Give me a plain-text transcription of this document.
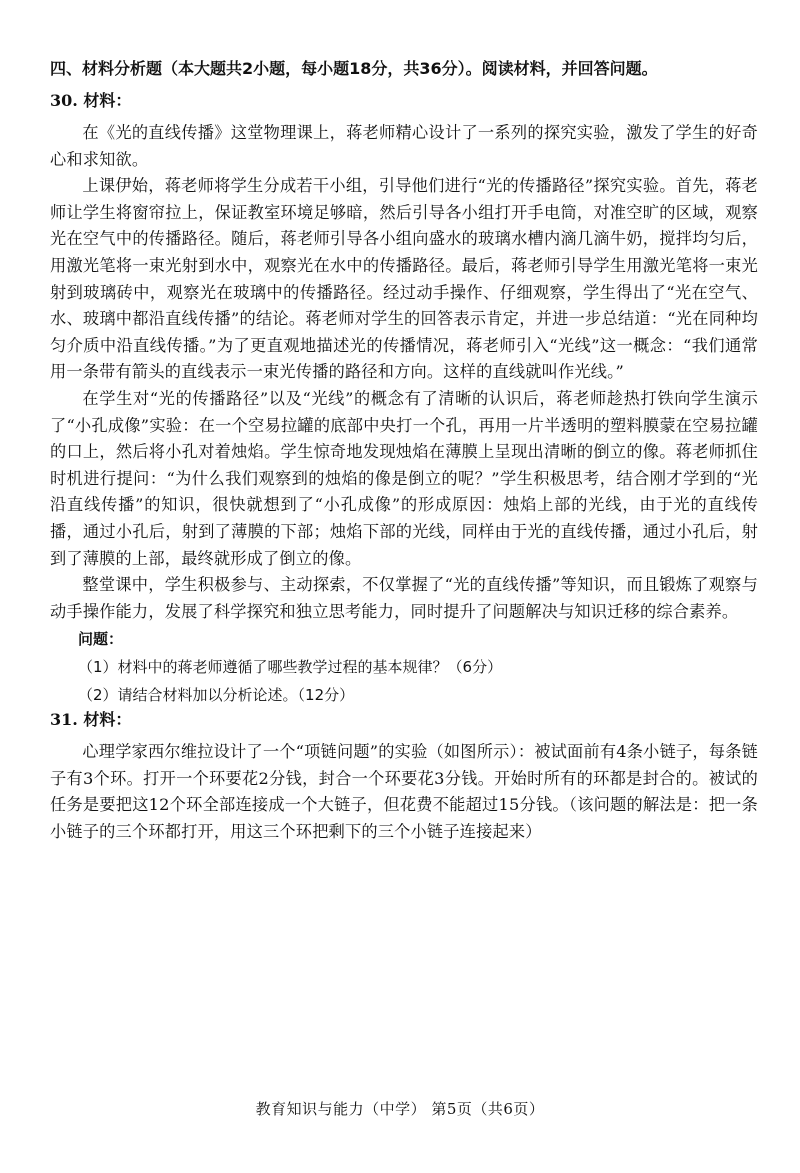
四、材料分析题（本大题共2小题，每小题18分，共36分）。阅读材料，并回答问题。
30. 材料：

在《光的直线传播》这堂物理课上，蒋老师精心设计了一系列的探究实验，激发了学生的好奇心和求知欲。

上课伊始，蒋老师将学生分成若干小组，引导他们进行“光的传播路径”探究实验。首先，蒋老师让学生将窗帘拉上，保证教室环境足够暗，然后引导各小组打开手电筒，对准空旷的区域，观察光在空气中的传播路径。随后，蒋老师引导各小组向盛水的玻璃水槽内滴几滴牛奶，搅拌均匀后，用激光笔将一束光射到水中，观察光在水中的传播路径。最后，蒋老师引导学生用激光笔将一束光射到玻璃砖中，观察光在玻璃中的传播路径。经过动手操作、仔细观察，学生得出了“光在空气、水、玻璃中都沿直线传播”的结论。蒋老师对学生的回答表示肯定，并进一步总结道：“光在同种均匀介质中沿直线传播。”为了更直观地描述光的传播情况，蒋老师引入“光线”这一概念：“我们通常用一条带有箭头的直线表示一束光传播的路径和方向。这样的直线就叫作光线。”

在学生对“光的传播路径”以及“光线”的概念有了清晰的认识后，蒋老师趁热打铁向学生演示了“小孔成像”实验：在一个空易拉罐的底部中央打一个孔，再用一片半透明的塑料膜蒙在空易拉罐的口上，然后将小孔对着烛焰。学生惊奇地发现烛焰在薄膜上呈现出清晰的倒立的像。蒋老师抓住时机进行提问：“为什么我们观察到的烛焰的像是倒立的呢？”学生积极思考，结合刚才学到的“光沿直线传播”的知识，很快就想到了“小孔成像”的形成原因：烛焰上部的光线，由于光的直线传播，通过小孔后，射到了薄膜的下部；烛焰下部的光线，同样由于光的直线传播，通过小孔后，射到了薄膜的上部，最终就形成了倒立的像。

整堂课中，学生积极参与、主动探索，不仅掌握了“光的直线传播”等知识，而且锻炼了观察与动手操作能力，发展了科学探究和独立思考能力，同时提升了问题解决与知识迁移的综合素养。

问题：
（1）材料中的蒋老师遵循了哪些教学过程的基本规律？（6分）
（2）请结合材料加以分析论述。（12分）
31. 材料：

心理学家西尔维拉设计了一个“项链问题”的实验（如图所示）：被试面前有4条小链子，每条链子有3个环。打开一个环要花2分钱，封合一个环要花3分钱。开始时所有的环都是封合的。被试的任务是要把这12个环全部连接成一个大链子，但花费不能超过15分钱。（该问题的解法是：把一条小链子的三个环都打开，用这三个环把剩下的三个小链子连接起来）

教育知识与能力（中学） 第5页（共6页）
